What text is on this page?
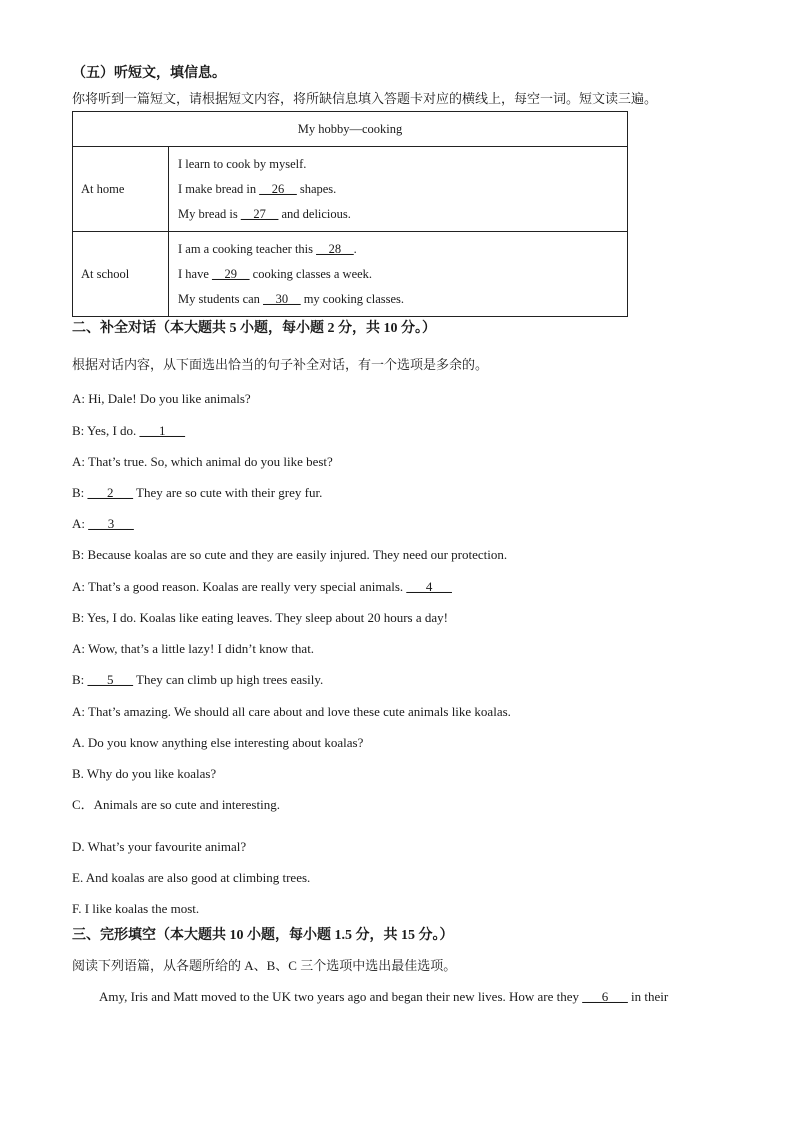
（五）听短文，填信息。
你将听到一篇短文，请根据短文内容，将所缺信息填入答题卡对应的横线上，每空一词。短文读三遍。
My hobby—cooking	
At home	I learn to cook by myself.
I make bread in __26__ shapes.
My bread is __27__ and delicious.

At school	I am a cooking teacher this __28__.
I have __29__ cooking classes a week.
My students can __30__ my cooking classes.
二、补全对话（本大题共 5 小题，每小题 2 分，共 10 分。）
根据对话内容，从下面选出恰当的句子补全对话，有一个选项是多余的。
A: Hi, Dale! Do you like animals?
B: Yes, I do. ___1___
A: That’s true. So, which animal do you like best?
B: ___2___ They are so cute with their grey fur.
A: ___3___
B: Because koalas are so cute and they are easily injured. They need our protection.
A: That’s a good reason. Koalas are really very special animals. ___4___
B: Yes, I do. Koalas like eating leaves. They sleep about 20 hours a day!
A: Wow, that’s a little lazy! I didn’t know that.
B: ___5___ They can climb up high trees easily.
A: That’s amazing. We should all care about and love these cute animals like koalas.
A. Do you know anything else interesting about koalas?
B. Why do you like koalas?
C．Animals are so cute and interesting.
D. What’s your favourite animal?
E. And koalas are also good at climbing trees.
F. I like koalas the most.
三、完形填空（本大题共 10 小题，每小题 1.5 分，共 15 分。）
阅读下列语篇，从各题所给的 A、B、C 三个选项中选出最佳选项。
Amy, Iris and Matt moved to the UK two years ago and began their new lives. How are they ___6___ in their
